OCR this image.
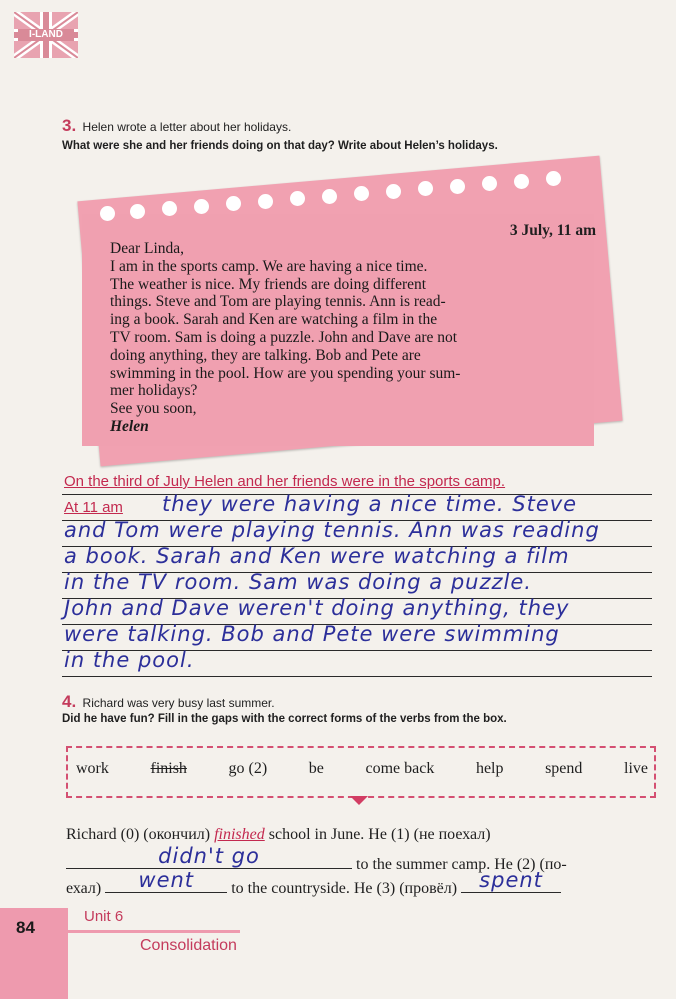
I-LAND
3. Helen wrote a letter about her holidays.
What were she and her friends doing on that day? Write about Helen’s holidays.
3 July, 11 am
Dear Linda,
I am in the sports camp. We are having a nice time.
The weather is nice. My friends are doing different
things. Steve and Tom are playing tennis. Ann is read-
ing a book. Sarah and Ken are watching a film in the
TV room. Sam is doing a puzzle. John and Dave are not
doing anything, they are talking. Bob and Pete are
swimming in the pool. How are you spending your sum-
mer holidays?
See you soon,
Helen
On the third of July Helen and her friends were in the sports camp.
At 11 am they were having a nice time. Steve
and Tom were playing tennis. Ann was reading
a book. Sarah and Ken were watching a film
in the TV room. Sam was doing a puzzle.
John and Dave weren't doing anything, they
were talking. Bob and Pete were swimming
in the pool.
4. Richard was very busy last summer.
Did he have fun? Fill in the gaps with the correct forms of the verbs from the box.
work	finish	go (2)	be	come back	help	spend	live
Richard (0) (окончил) finished school in June. He (1) (не поехал)
didn't go	to the summer camp. He (2) (по-
ехал)	went	to the countryside. He (3) (провёл) spent
84
Unit 6
Consolidation
